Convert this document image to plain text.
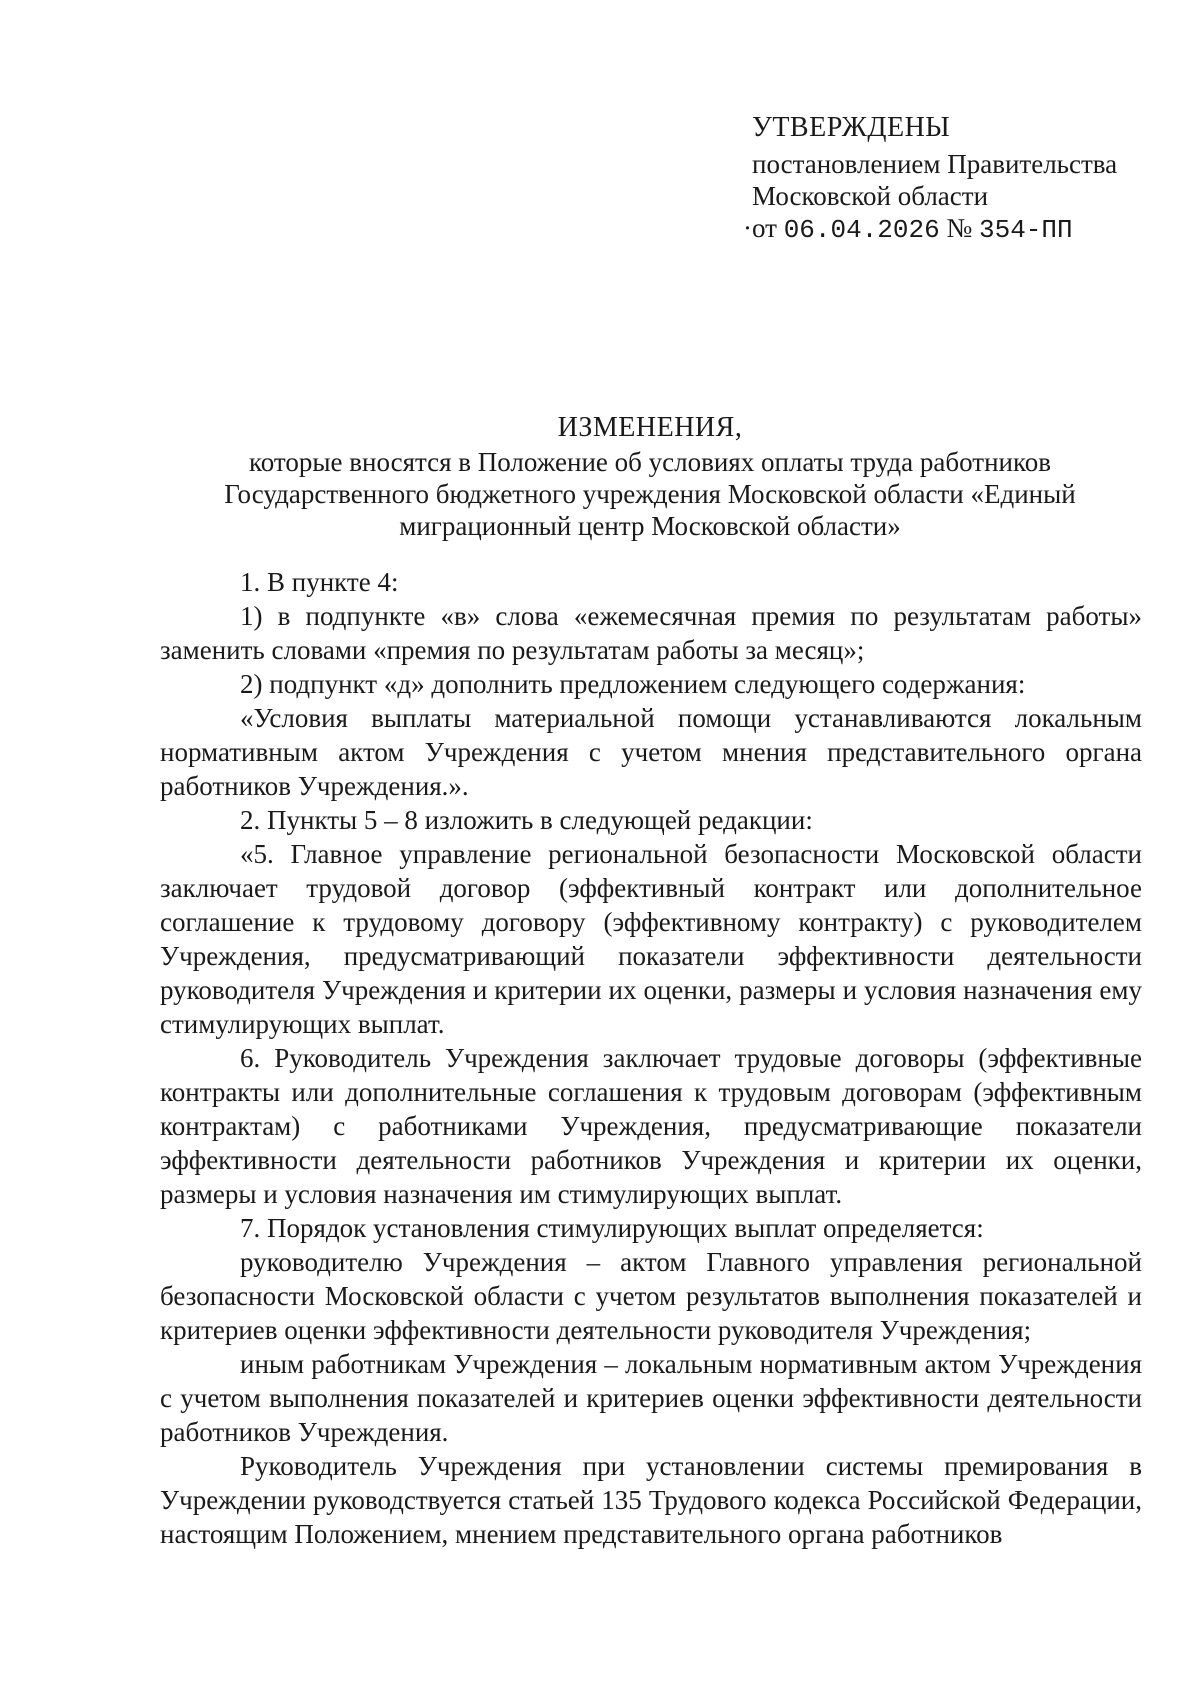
УТВЕРЖДЕНЫ
постановлением Правительства
Московской области
·от 06.04.2026 № 354-ПП
ИЗМЕНЕНИЯ,
которые вносятся в Положение об условиях оплаты труда работников
Государственного бюджетного учреждения Московской области «Единый
миграционный центр Московской области»

1. В пункте 4:

1) в подпункте «в» слова «ежемесячная премия по результатам работы» заменить словами «премия по результатам работы за месяц»;

2) подпункт «д» дополнить предложением следующего содержания:

«Условия выплаты материальной помощи устанавливаются локальным нормативным актом Учреждения с учетом мнения представительного органа работников Учреждения.».

2. Пункты 5 – 8 изложить в следующей редакции:

«5. Главное управление региональной безопасности Московской области заключает трудовой договор (эффективный контракт или дополнительное соглашение к трудовому договору (эффективному контракту) с руководителем Учреждения, предусматривающий показатели эффективности деятельности руководителя Учреждения и критерии их оценки, размеры и условия назначения ему стимулирующих выплат.

6. Руководитель Учреждения заключает трудовые договоры (эффективные контракты или дополнительные соглашения к трудовым договорам (эффективным контрактам) с работниками Учреждения, предусматривающие показатели эффективности деятельности работников Учреждения и критерии их оценки, размеры и условия назначения им стимулирующих выплат.

7. Порядок установления стимулирующих выплат определяется:

руководителю Учреждения – актом Главного управления региональной безопасности Московской области с учетом результатов выполнения показателей и критериев оценки эффективности деятельности руководителя Учреждения;

иным работникам Учреждения – локальным нормативным актом Учреждения с учетом выполнения показателей и критериев оценки эффективности деятельности работников Учреждения.

Руководитель Учреждения при установлении системы премирования в Учреждении руководствуется статьей 135 Трудового кодекса Российской Федерации, настоящим Положением, мнением представительного органа работников
